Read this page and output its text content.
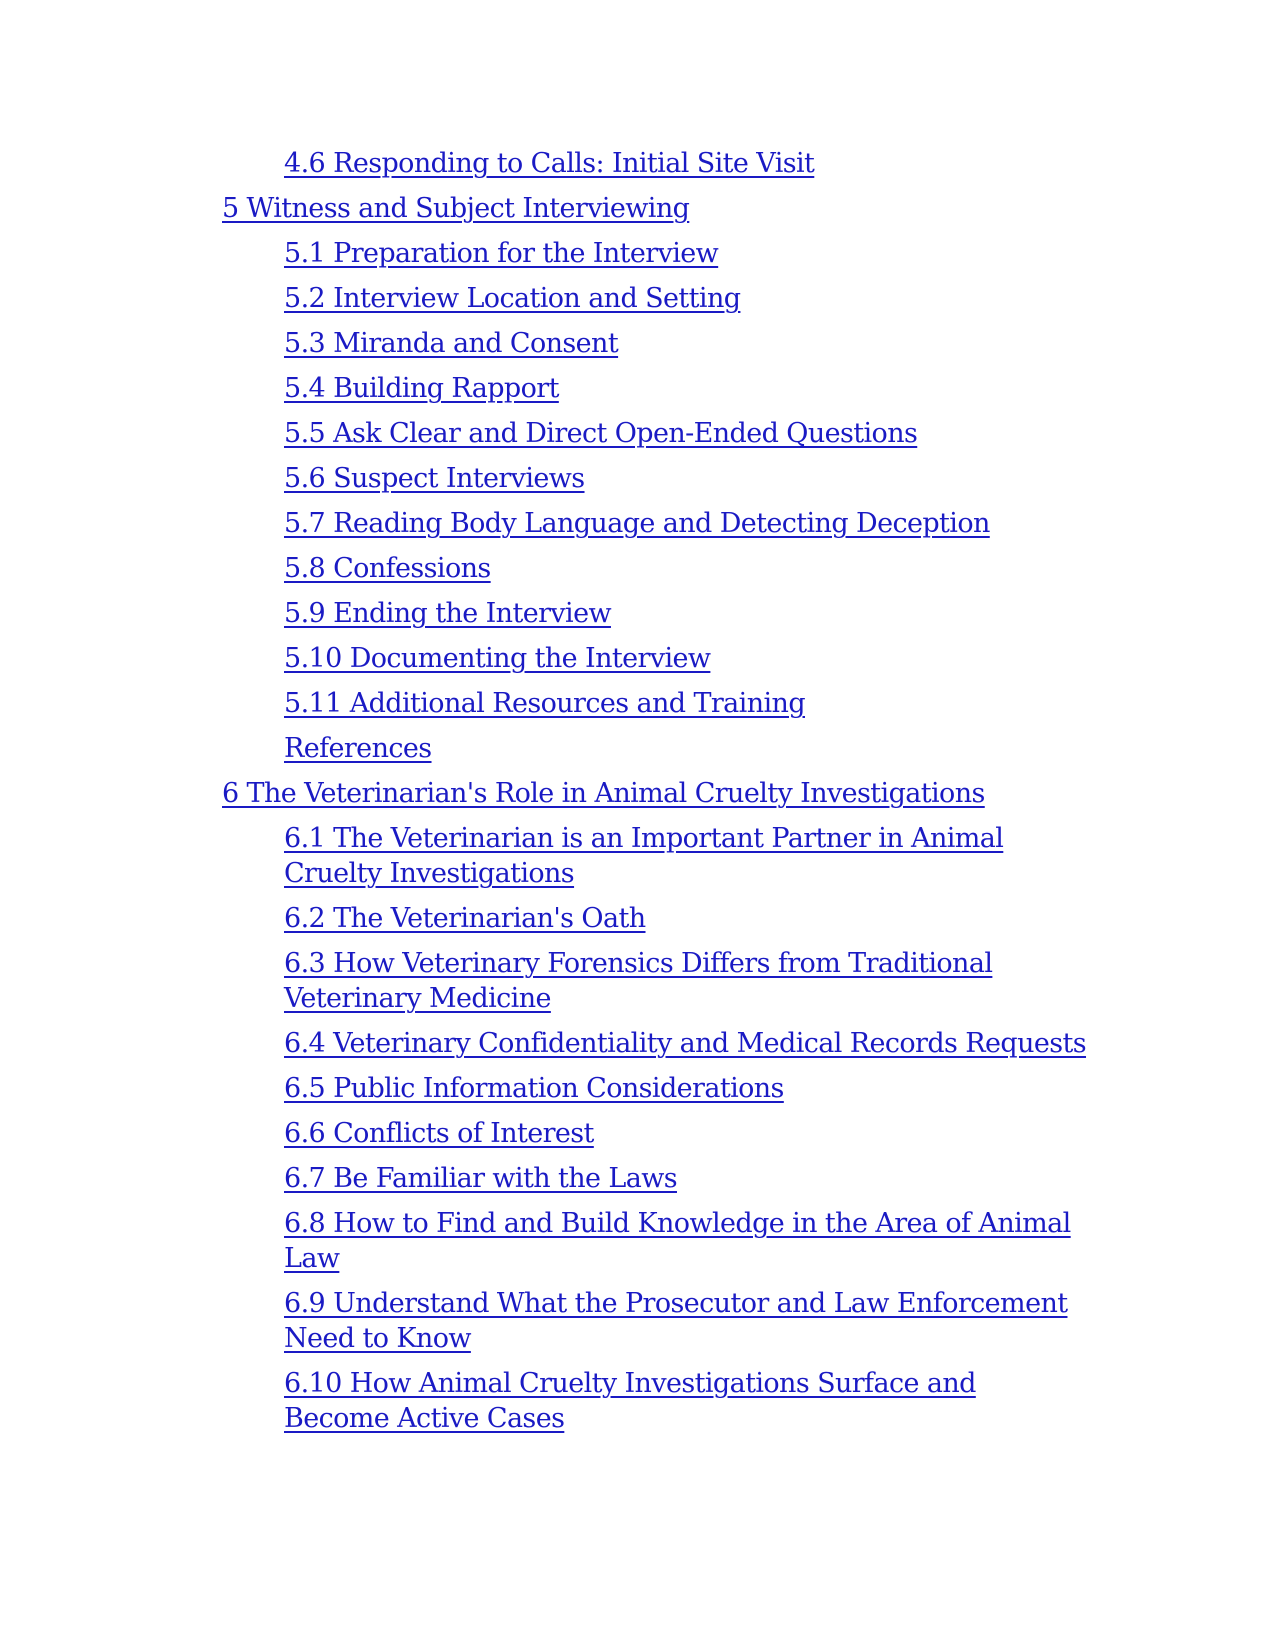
4.6 Responding to Calls: Initial Site Visit
5 Witness and Subject Interviewing
5.1 Preparation for the Interview
5.2 Interview Location and Setting
5.3 Miranda and Consent
5.4 Building Rapport
5.5 Ask Clear and Direct Open-Ended Questions
5.6 Suspect Interviews
5.7 Reading Body Language and Detecting Deception
5.8 Confessions
5.9 Ending the Interview
5.10 Documenting the Interview
5.11 Additional Resources and Training
References
6 The Veterinarian's Role in Animal Cruelty Investigations
6.1 The Veterinarian is an Important Partner in Animal Cruelty Investigations
6.2 The Veterinarian's Oath
6.3 How Veterinary Forensics Differs from Traditional Veterinary Medicine
6.4 Veterinary Confidentiality and Medical Records Requests
6.5 Public Information Considerations
6.6 Conflicts of Interest
6.7 Be Familiar with the Laws
6.8 How to Find and Build Knowledge in the Area of Animal Law
6.9 Understand What the Prosecutor and Law Enforcement Need to Know
6.10 How Animal Cruelty Investigations Surface and Become Active Cases
